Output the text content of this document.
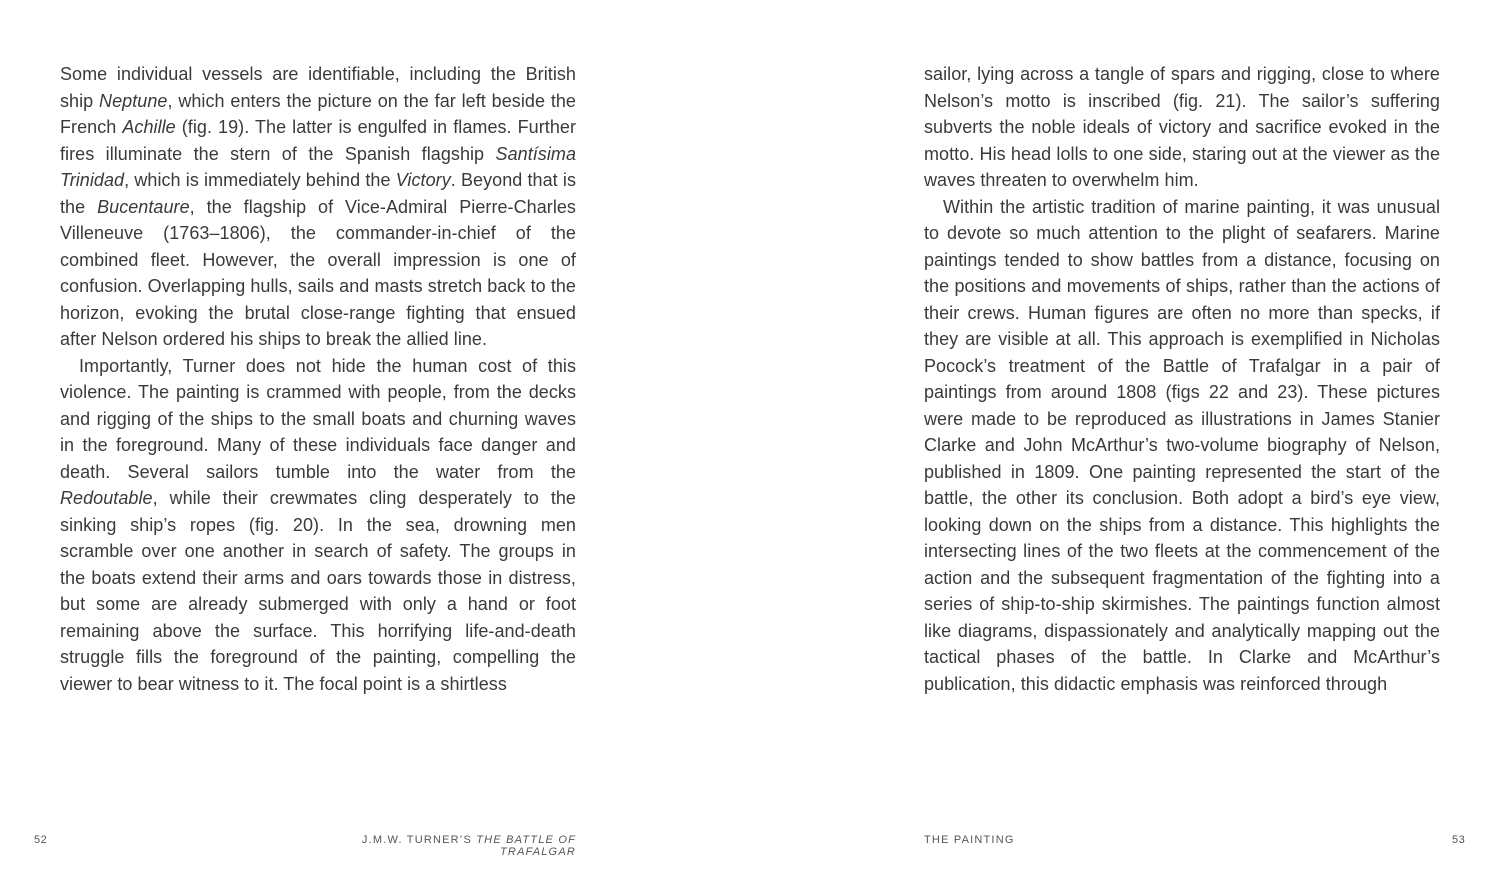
Some individual vessels are identifiable, including the British ship Neptune, which enters the picture on the far left beside the French Achille (fig. 19). The latter is engulfed in flames. Further fires illuminate the stern of the Spanish flagship Santísima Trinidad, which is immediately behind the Victory. Beyond that is the Bucentaure, the flagship of Vice-Admiral Pierre-Charles Villeneuve (1763–1806), the commander-in-chief of the combined fleet. However, the overall impression is one of confusion. Overlapping hulls, sails and masts stretch back to the horizon, evoking the brutal close-range fighting that ensued after Nelson ordered his ships to break the allied line.

Importantly, Turner does not hide the human cost of this violence. The painting is crammed with people, from the decks and rigging of the ships to the small boats and churning waves in the foreground. Many of these individuals face danger and death. Several sailors tumble into the water from the Redoutable, while their crewmates cling desperately to the sinking ship’s ropes (fig. 20). In the sea, drowning men scramble over one another in search of safety. The groups in the boats extend their arms and oars towards those in distress, but some are already submerged with only a hand or foot remaining above the surface. This horrifying life-and-death struggle fills the foreground of the painting, compelling the viewer to bear witness to it. The focal point is a shirtless

sailor, lying across a tangle of spars and rigging, close to where Nelson’s motto is inscribed (fig. 21). The sailor’s suffering subverts the noble ideals of victory and sacrifice evoked in the motto. His head lolls to one side, staring out at the viewer as the waves threaten to overwhelm him.

Within the artistic tradition of marine painting, it was unusual to devote so much attention to the plight of seafarers. Marine paintings tended to show battles from a distance, focusing on the positions and movements of ships, rather than the actions of their crews. Human figures are often no more than specks, if they are visible at all. This approach is exemplified in Nicholas Pocock’s treatment of the Battle of Trafalgar in a pair of paintings from around 1808 (figs 22 and 23). These pictures were made to be reproduced as illustrations in James Stanier Clarke and John McArthur’s two-volume biography of Nelson, published in 1809. One painting represented the start of the battle, the other its conclusion. Both adopt a bird’s eye view, looking down on the ships from a distance. This highlights the intersecting lines of the two fleets at the commencement of the action and the subsequent fragmentation of the fighting into a series of ship-to-ship skirmishes. The paintings function almost like diagrams, dispassionately and analytically mapping out the tactical phases of the battle. In Clarke and McArthur’s publication, this didactic emphasis was reinforced through

52	J.M.W. TURNER’S THE BATTLE OF TRAFALGAR
THE PAINTING	53
